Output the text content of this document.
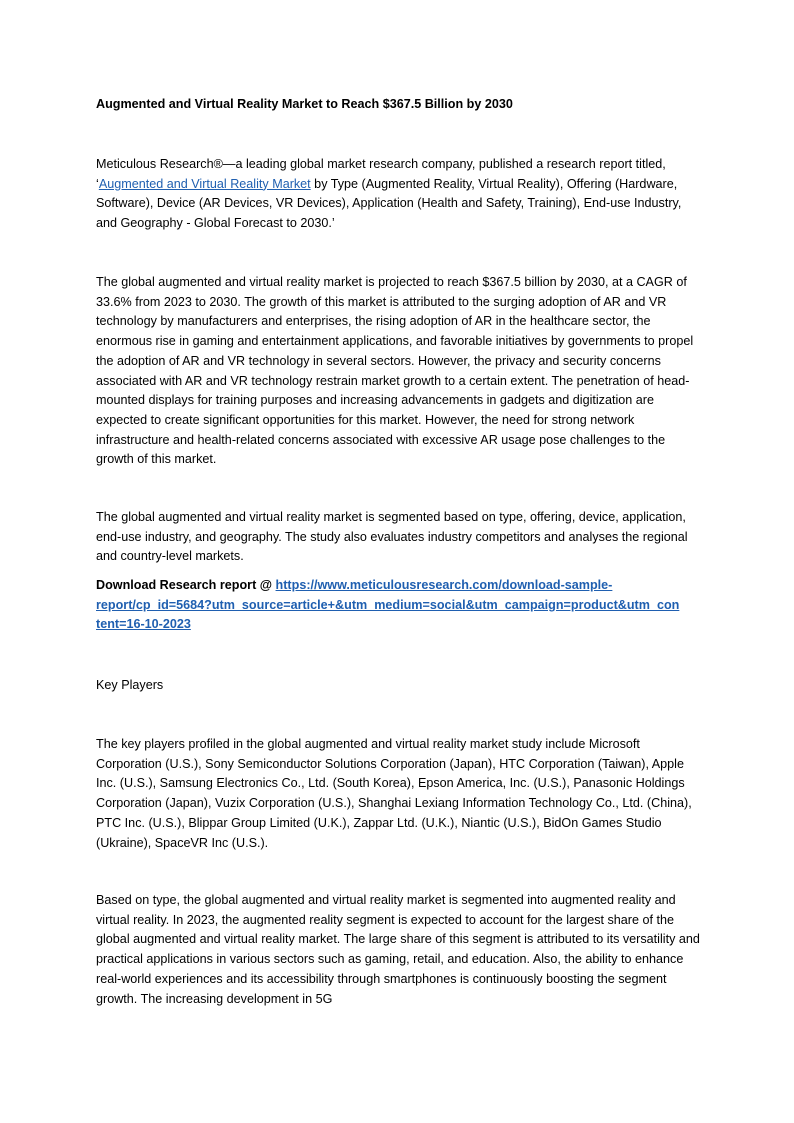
Augmented and Virtual Reality Market to Reach $367.5 Billion by 2030

Meticulous Research®—a leading global market research company, published a research report titled, ‘Augmented and Virtual Reality Market by Type (Augmented Reality, Virtual Reality), Offering (Hardware, Software), Device (AR Devices, VR Devices), Application (Health and Safety, Training), End-use Industry, and Geography - Global Forecast to 2030.’

The global augmented and virtual reality market is projected to reach $367.5 billion by 2030, at a CAGR of 33.6% from 2023 to 2030. The growth of this market is attributed to the surging adoption of AR and VR technology by manufacturers and enterprises, the rising adoption of AR in the healthcare sector, the enormous rise in gaming and entertainment applications, and favorable initiatives by governments to propel the adoption of AR and VR technology in several sectors. However, the privacy and security concerns associated with AR and VR technology restrain market growth to a certain extent. The penetration of head-mounted displays for training purposes and increasing advancements in gadgets and digitization are expected to create significant opportunities for this market. However, the need for strong network infrastructure and health-related concerns associated with excessive AR usage pose challenges to the growth of this market.

The global augmented and virtual reality market is segmented based on type, offering, device, application, end-use industry, and geography. The study also evaluates industry competitors and analyses the regional and country-level markets.

Download Research report @ https://www.meticulousresearch.com/download-sample-
report/cp_id=5684?utm_source=article+&utm_medium=social&utm_campaign=product&utm_con
tent=16-10-2023

Key Players

The key players profiled in the global augmented and virtual reality market study include Microsoft Corporation (U.S.), Sony Semiconductor Solutions Corporation (Japan), HTC Corporation (Taiwan), Apple Inc. (U.S.), Samsung Electronics Co., Ltd. (South Korea), Epson America, Inc. (U.S.), Panasonic Holdings Corporation (Japan), Vuzix Corporation (U.S.), Shanghai Lexiang Information Technology Co., Ltd. (China), PTC Inc. (U.S.), Blippar Group Limited (U.K.), Zappar Ltd. (U.K.), Niantic (U.S.), BidOn Games Studio (Ukraine), SpaceVR Inc (U.S.).

Based on type, the global augmented and virtual reality market is segmented into augmented reality and virtual reality. In 2023, the augmented reality segment is expected to account for the largest share of the global augmented and virtual reality market. The large share of this segment is attributed to its versatility and practical applications in various sectors such as gaming, retail, and education. Also, the ability to enhance real-world experiences and its accessibility through smartphones is continuously boosting the segment growth. The increasing development in 5G
